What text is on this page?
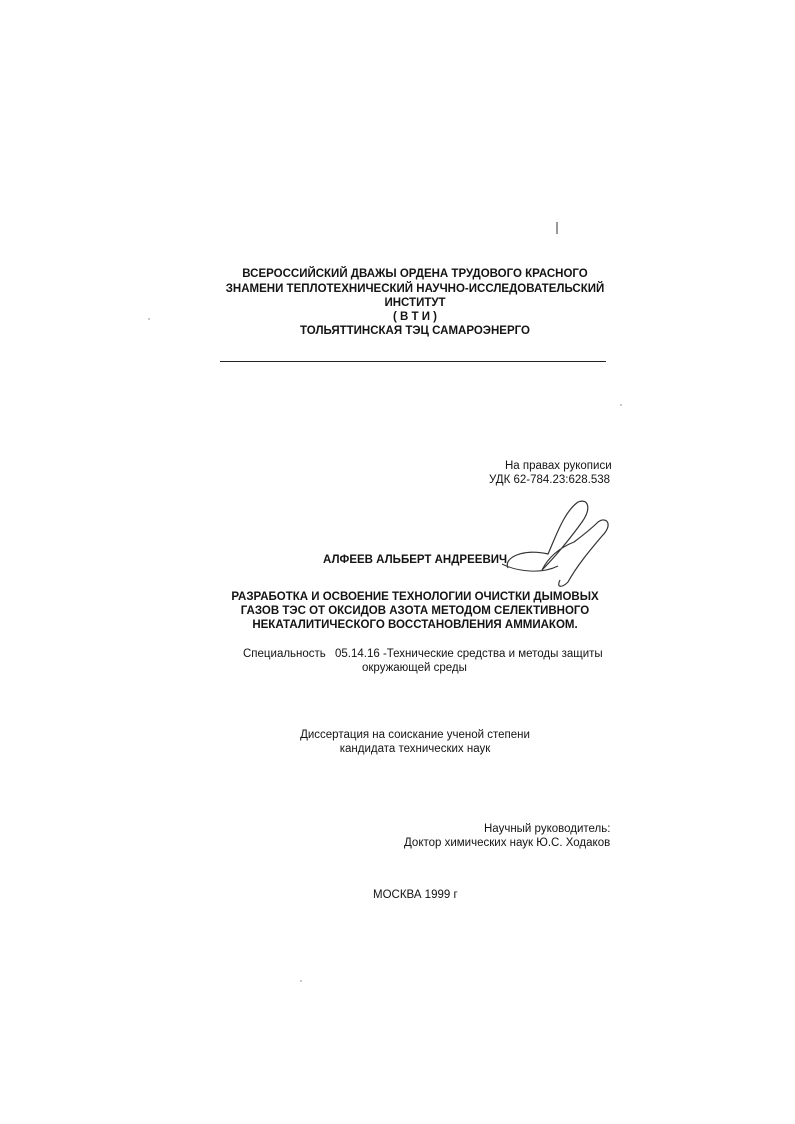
ВСЕРОССИЙСКИЙ ДВАЖЫ ОРДЕНА ТРУДОВОГО КРАСНОГО
ЗНАМЕНИ ТЕПЛОТЕХНИЧЕСКИЙ НАУЧНО-ИССЛЕДОВАТЕЛЬСКИЙ
ИНСТИТУТ
( В Т И )
ТОЛЬЯТТИНСКАЯ ТЭЦ САМАРОЭНЕРГО
На правах рукописи
УДК 62-784.23:628.538
АЛФЕЕВ АЛЬБЕРТ АНДРЕЕВИЧ
РАЗРАБОТКА И ОСВОЕНИЕ ТЕХНОЛОГИИ ОЧИСТКИ ДЫМОВЫХ
ГАЗОВ ТЭС ОТ ОКСИДОВ АЗОТА МЕТОДОМ СЕЛЕКТИВНОГО
НЕКАТАЛИТИЧЕСКОГО ВОССТАНОВЛЕНИЯ АММИАКОМ.
Специальность 05.14.16 -Технические средства и методы защиты
окружающей среды
Диссертация на соискание ученой степени
кандидата технических наук
Научный руководитель:
Доктор химических наук Ю.С. Ходаков
МОСКВА 1999 г
